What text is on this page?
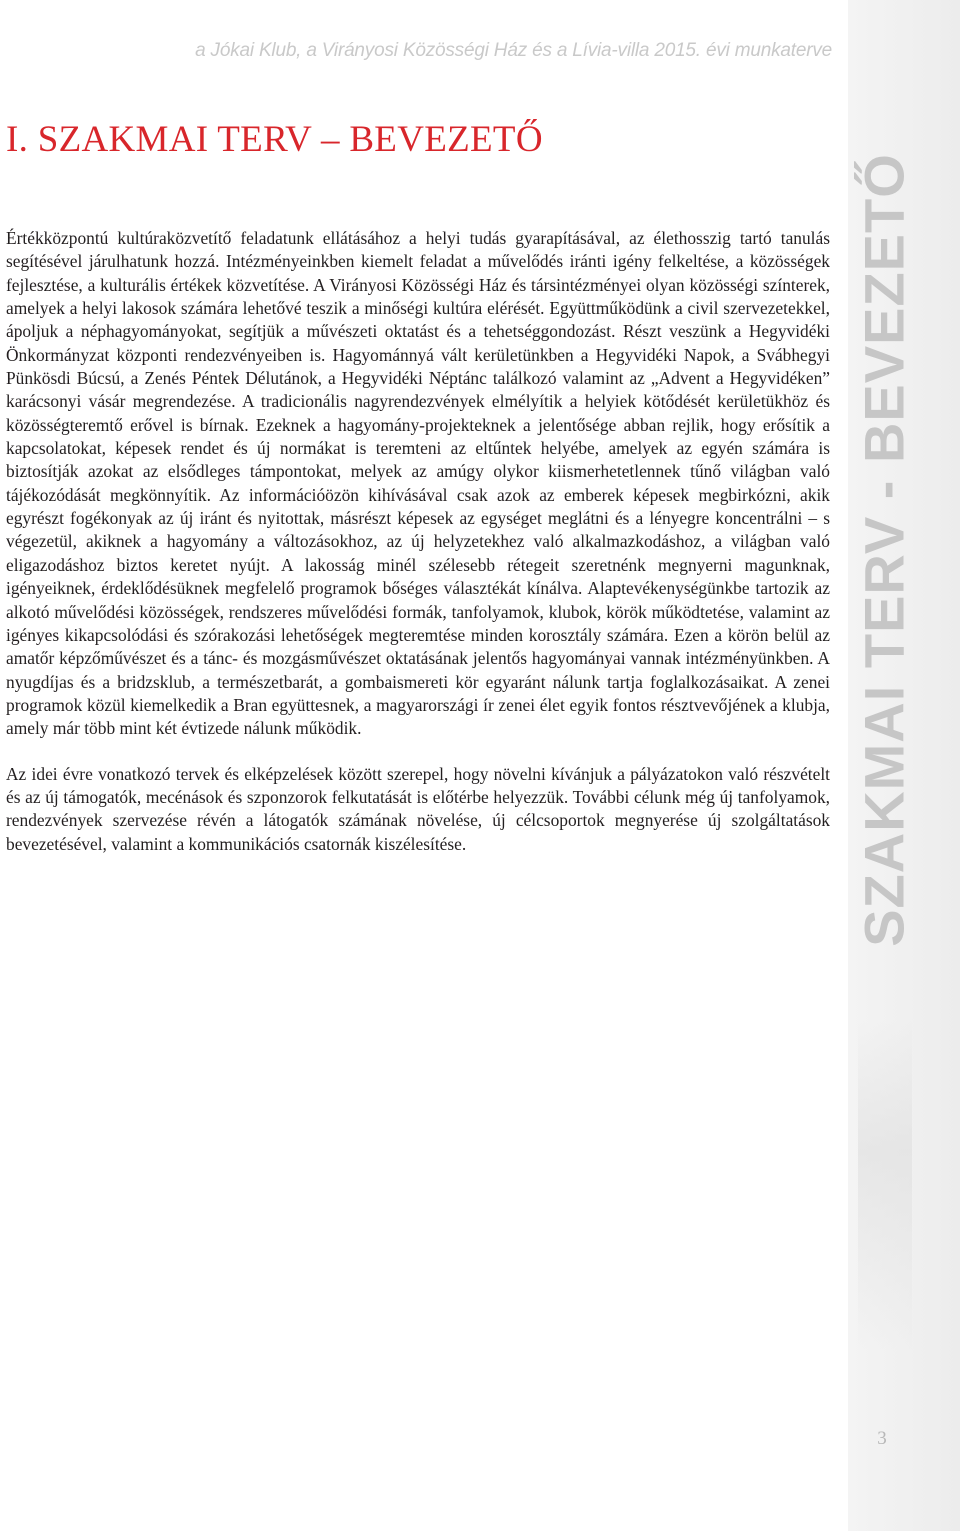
SZAKMAI TERV - BEVEZETŐ
a Jókai Klub, a Virányosi Közösségi Ház és a Lívia-villa 2015. évi munkaterve
I. SZAKMAI TERV – BEVEZETŐ

Értékközpontú kultúraközvetítő feladatunk ellátásához a helyi tudás gyarapításával, az élethosszig tartó tanulás segítésével járulhatunk hozzá. Intézményeinkben kiemelt feladat a művelődés iránti igény felkeltése, a közösségek fejlesztése, a kulturális értékek közvetítése. A Virányosi Közösségi Ház és társintézményei olyan közösségi színterek, amelyek a helyi lakosok számára lehetővé teszik a minőségi kultúra elérését. Együttműködünk a civil szervezetekkel, ápoljuk a néphagyományokat, segítjük a művészeti oktatást és a tehetséggondozást. Részt veszünk a Hegyvidéki Önkormányzat központi rendezvényeiben is. Hagyománnyá vált kerületünkben a Hegyvidéki Napok, a Svábhegyi Pünkösdi Búcsú, a Zenés Péntek Délutánok, a Hegyvidéki Néptánc találkozó valamint az „Advent a Hegyvidéken” karácsonyi vásár megrendezése. A tradicionális nagyrendezvények elmélyítik a helyiek kötődését kerületükhöz és közösségteremtő erővel is bírnak. Ezeknek a hagyomány-projekteknek a jelentősége abban rejlik, hogy erősítik a kapcsolatokat, képesek rendet és új normákat is teremteni az eltűntek helyébe, amelyek az egyén számára is biztosítják azokat az elsődleges támpontokat, melyek az amúgy olykor kiismerhetetlennek tűnő világban való tájékozódását megkönnyítik. Az információözön kihívásával csak azok az emberek képesek megbirkózni, akik egyrészt fogékonyak az új iránt és nyitottak, másrészt képesek az egységet meglátni és a lényegre koncentrálni – s végezetül, akiknek a hagyomány a változásokhoz, az új helyzetekhez való alkalmazkodáshoz, a világban való eligazodáshoz biztos keretet nyújt. A lakosság minél szélesebb rétegeit szeretnénk megnyerni magunknak, igényeiknek, érdeklődésüknek megfelelő programok bőséges választékát kínálva. Alaptevékenységünkbe tartozik az alkotó művelődési közösségek, rendszeres művelődési formák, tanfolyamok, klubok, körök működtetése, valamint az igényes kikapcsolódási és szórakozási lehetőségek megteremtése minden korosztály számára. Ezen a körön belül az amatőr képzőművészet és a tánc- és mozgásművészet oktatásának jelentős hagyományai vannak intézményünkben. A nyugdíjas és a bridzsklub, a természetbarát, a gombaismereti kör egyaránt nálunk tartja foglalkozásaikat. A zenei programok közül kiemelkedik a Bran együttesnek, a magyarországi ír zenei élet egyik fontos résztvevőjének a klubja, amely már több mint két évtizede nálunk működik.

Az idei évre vonatkozó tervek és elképzelések között szerepel, hogy növelni kívánjuk a pályázatokon való részvételt és az új támogatók, mecénások és szponzorok felkutatását is előtérbe helyezzük. További célunk még új tanfolyamok, rendezvények szervezése révén a látogatók számának növelése, új célcsoportok megnyerése új szolgáltatások bevezetésével, valamint a kommunikációs csatornák kiszélesítése.

3
